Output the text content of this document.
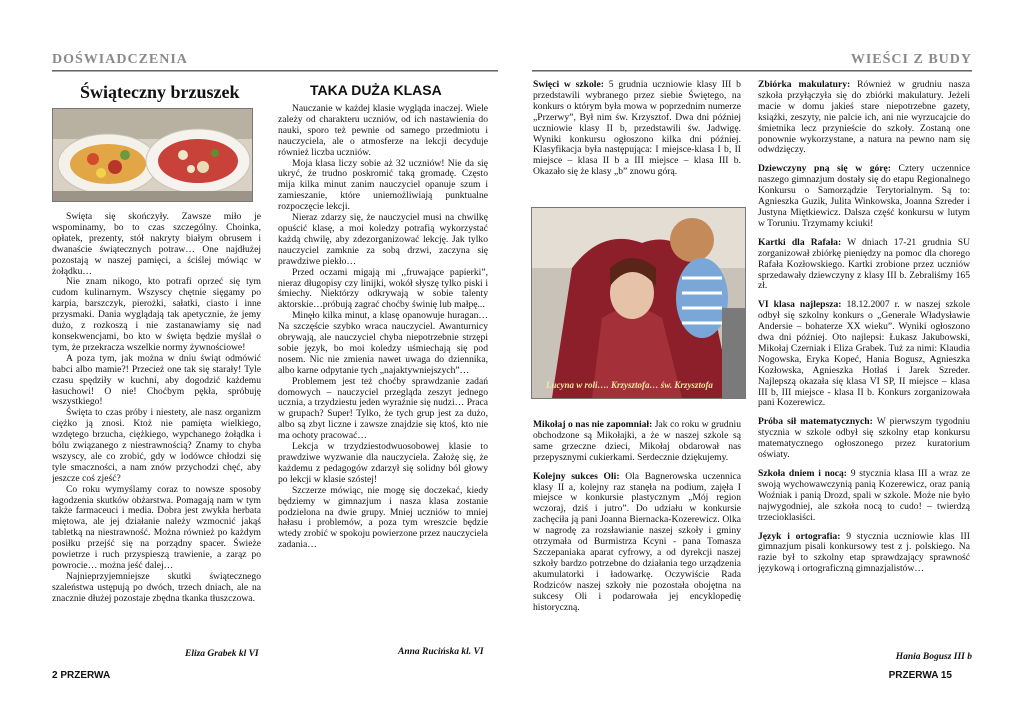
DOŚWIADCZENIA
Świąteczny brzuszek

Święta się skończyły. Zawsze miło je wspominamy, bo to czas szczególny. Choinka, opłatek, prezenty, stół nakryty białym obrusem i dwanaście świątecznych potraw… One najdłużej pozostają w naszej pamięci, a ściślej mówiąc w żołądku…

Nie znam nikogo, kto potrafi oprzeć się tym cudom kulinarnym. Wszyscy chętnie sięgamy po karpia, barszczyk, pierożki, sałatki, ciasto i inne przysmaki. Dania wyglądają tak apetycznie, że jemy dużo, z rozkoszą i nie zastanawiamy się nad konsekwencjami, bo kto w święta będzie myślał o tym, że przekracza wszelkie normy żywnościowe!

A poza tym, jak można w dniu świąt odmówić babci albo mamie?! Przecież one tak się starały! Tyle czasu spędziły w kuchni, aby dogodzić każdemu łasuchowi! O nie! Choćbym pękła, spróbuję wszystkiego!

Święta to czas próby i niestety, ale nasz organizm ciężko ją znosi. Ktoż nie pamięta wielkiego, wzdętego brzucha, ciężkiego, wypchanego żołądka i bólu związanego z niestrawnością? Znamy to chyba wszyscy, ale co zrobić, gdy w lodówce chłodzi się tyle smaczności, a nam znów przychodzi chęć, aby jeszcze coś zjeść?

Co roku wymyślamy coraz to nowsze sposoby łagodzenia skutków obżarstwa. Pomagają nam w tym także farmaceuci i media. Dobra jest zwykła herbata miętowa, ale jej działanie należy wzmocnić jakąś tabletką na niestrawność. Można również po każdym posiłku przejść się na porządny spacer. Świeże powietrze i ruch przyspieszą trawienie, a zarąz po powrocie… można jeść dalej…

Najnieprzyjemniejsze skutki świątecznego szaleństwa ustępują po dwóch, trzech dniach, ale na znacznie dłużej pozostaje zbędna tkanka tłuszczowa.

Eliza Grabek kl VI
TAKA DUŻA KLASA

Nauczanie w każdej klasie wygląda inaczej. Wiele zależy od charakteru uczniów, od ich nastawienia do nauki, sporo też pewnie od samego przedmiotu i nauczyciela, ale o atmosferze na lekcji decyduje również liczba uczniów.

Moja klasa liczy sobie aż 32 uczniów! Nie da się ukryć, że trudno poskromić taką gromadę. Często mija kilka minut zanim nauczyciel opanuje szum i zamieszanie, które uniemożliwiają punktualne rozpoczęcie lekcji.

Nieraz zdarzy się, że nauczyciel musi na chwilkę opuścić klasę, a moi koledzy potrafią wykorzystać każdą chwilę, aby zdezorganizować lekcję. Jak tylko nauczyciel zamknie za sobą drzwi, zaczyna się prawdziwe piekło…

Przed oczami migają mi ,,fruwające papierki”, nieraz długopisy czy linijki, wokół słyszę tylko piski i śmiechy. Niektórzy odkrywają w sobie talenty aktorskie…próbują zagrać choćby świnię lub małpę...

Minęło kilka minut, a klasę opanowuje huragan… Na szczęście szybko wraca nauczyciel. Awanturnicy obrywają, ale nauczyciel chyba niepotrzebnie strzępi sobie język, bo moi koledzy uśmiechają się pod nosem. Nic nie zmienia nawet uwaga do dziennika, albo karne odpytanie tych „najaktywniejszych”…

Problemem jest też choćby sprawdzanie zadań domowych – nauczyciel przegląda zeszyt jednego ucznia, a trzydziestu jeden wyraźnie się nudzi… Praca w grupach? Super! Tylko, że tych grup jest za dużo, albo są zbyt liczne i zawsze znajdzie się ktoś, kto nie ma ochoty pracować…

Lekcja w trzydziestodwuosobowej klasie to prawdziwe wyzwanie dla nauczyciela. Założę się, że każdemu z pedagogów zdarzył się solidny ból głowy po lekcji w klasie szóstej!

Szczerze mówiąc, nie mogę się doczekać, kiedy będziemy w gimnazjum i nasza klasa zostanie podzielona na dwie grupy. Mniej uczniów to mniej hałasu i problemów, a poza tym wreszcie będzie wtedy zrobić w spokoju powierzone przez nauczyciela zadania…

Anna Rucińska kl. VI
2 PRZERWA
WIEŚCI Z BUDY

Święci w szkole: 5 grudnia uczniowie klasy III b przedstawili wybranego przez siebie Świętego, na konkurs o którym była mowa w poprzednim numerze „Przerwy”, Był nim św. Krzysztof. Dwa dni później uczniowie klasy II b, przedstawili św. Jadwigę. Wyniki konkursu ogłoszono kilka dni później. Klasyfikacja była następująca: I miejsce-klasa I b, II miejsce – klasa II b a III miejsce – klasa III b. Okazało się że klasy „b” znowu górą.

Lucyna w roli…. Krzysztofa… św. Krzysztofa

Mikołaj o nas nie zapomniał: Jak co roku w grudniu obchodzone są Mikołajki, a że w naszej szkole są same grzeczne dzieci, Mikołaj obdarował nas przepysznymi cukierkami. Serdecznie dziękujemy.

Kolejny sukces Oli: Ola Bagnerowska uczennica klasy II a, kolejny raz stanęła na podium, zajęła I miejsce w konkursie plastycznym „Mój region wczoraj, dziś i jutro”. Do udziału w konkursie zachęciła ją pani Joanna Biernacka-Kozerewicz. Olka w nagrodę za rozsławianie naszej szkoły i gminy otrzymała od Burmistrza Kcyni - pana Tomasza Szczepaniaka aparat cyfrowy, a od dyrekcji naszej szkoły bardzo potrzebne do działania tego urządzenia akumulatorki i ładowarkę. Oczywiście Rada Rodziców naszej szkoły nie pozostała obojętna na sukcesy Oli i podarowała jej encyklopedię historyczną.

Zbiórka makulatury: Również w grudniu nasza szkoła przyłączyła się do zbiórki makulatury. Jeżeli macie w domu jakieś stare niepotrzebne gazety, książki, zeszyty, nie palcie ich, ani nie wyrzucajcie do śmietnika lecz przynieście do szkoły. Zostaną one ponownie wykorzystane, a natura na pewno nam się odwdzięczy.

Dziewczyny pną się w górę: Cztery uczennice naszego gimnazjum dostały się do etapu Regionalnego Konkursu o Samorządzie Terytorialnym. Są to: Agnieszka Guzik, Julita Winkowska, Joanna Szreder i Justyna Miętkiewicz. Dalsza część konkursu w lutym w Toruniu. Trzymamy kciuki!

Kartki dla Rafała: W dniach 17-21 grudnia SU zorganizował zbiórkę pieniędzy na pomoc dla chorego Rafała Kozłowskiego. Kartki zrobione przez uczniów sprzedawały dziewczyny z klasy III b. Zebraliśmy 165 zł.

VI klasa najlepsza: 18.12.2007 r. w naszej szkole odbył się szkolny konkurs o „Generale Władysławie Andersie – bohaterze XX wieku”. Wyniki ogłoszono dwa dni później. Oto najlepsi: Łukasz Jakubowski, Mikołaj Czerniak i Eliza Grabek. Tuż za nimi: Klaudia Nogowska, Eryka Kopeć, Hania Bogusz, Agnieszka Kozłowska, Agnieszka Hotłaś i Jarek Szreder. Najlepszą okazała się klasa VI SP, II miejsce – klasa III b, III miejsce - klasa II b. Konkurs zorganizowała pani Kozerewicz.

Próba sił matematycznych: W pierwszym tygodniu stycznia w szkole odbył się szkolny etap konkursu matematycznego ogłoszonego przez kuratorium oświaty.

Szkoła dniem i nocą: 9 stycznia klasa III a wraz ze swoją wychowawczynią panią Kozerewicz, oraz panią Woźniak i panią Drozd, spali w szkole. Może nie było najwygodniej, ale szkoła nocą to cudo! – twierdzą trzecioklasiści.

Język i ortografia: 9 stycznia uczniowie klas III gimnazjum pisali konkursowy test z j. polskiego. Na razie był to szkolny etap sprawdzający sprawność językową i ortograficzną gimnazjalistów…

Hania Bogusz III b
PRZERWA 15
